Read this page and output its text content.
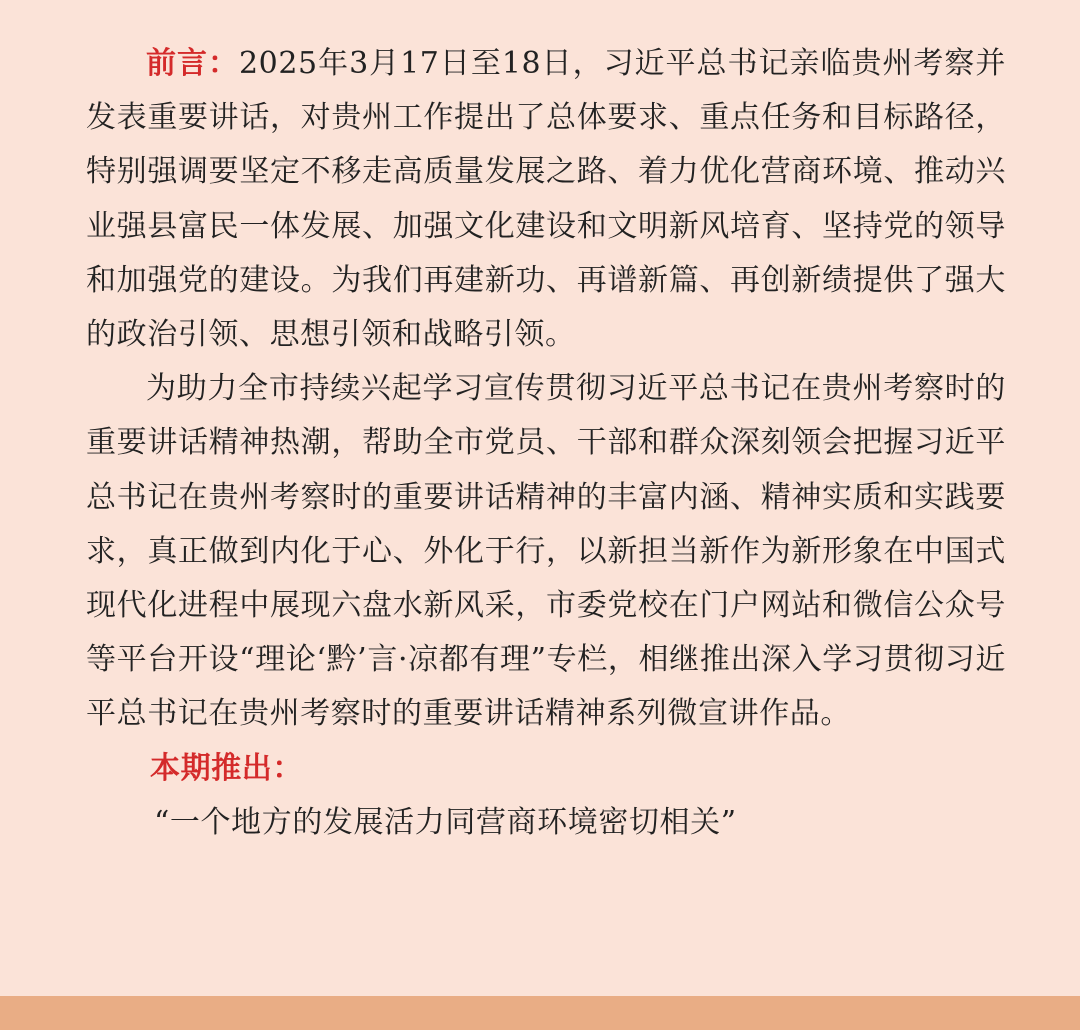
前言：2025年3月17日至18日，习近平总书记亲临贵州考察并发表重要讲话，对贵州工作提出了总体要求、重点任务和目标路径，特别强调要坚定不移走高质量发展之路、着力优化营商环境、推动兴业强县富民一体发展、加强文化建设和文明新风培育、坚持党的领导和加强党的建设。为我们再建新功、再谱新篇、再创新绩提供了强大的政治引领、思想引领和战略引领。

为助力全市持续兴起学习宣传贯彻习近平总书记在贵州考察时的重要讲话精神热潮，帮助全市党员、干部和群众深刻领会把握习近平总书记在贵州考察时的重要讲话精神的丰富内涵、精神实质和实践要求，真正做到内化于心、外化于行，以新担当新作为新形象在中国式现代化进程中展现六盘水新风采，市委党校在门户网站和微信公众号等平台开设“理论‘黔’言·凉都有理”专栏，相继推出深入学习贯彻习近平总书记在贵州考察时的重要讲话精神系列微宣讲作品。

本期推出：

“一个地方的发展活力同营商环境密切相关”
